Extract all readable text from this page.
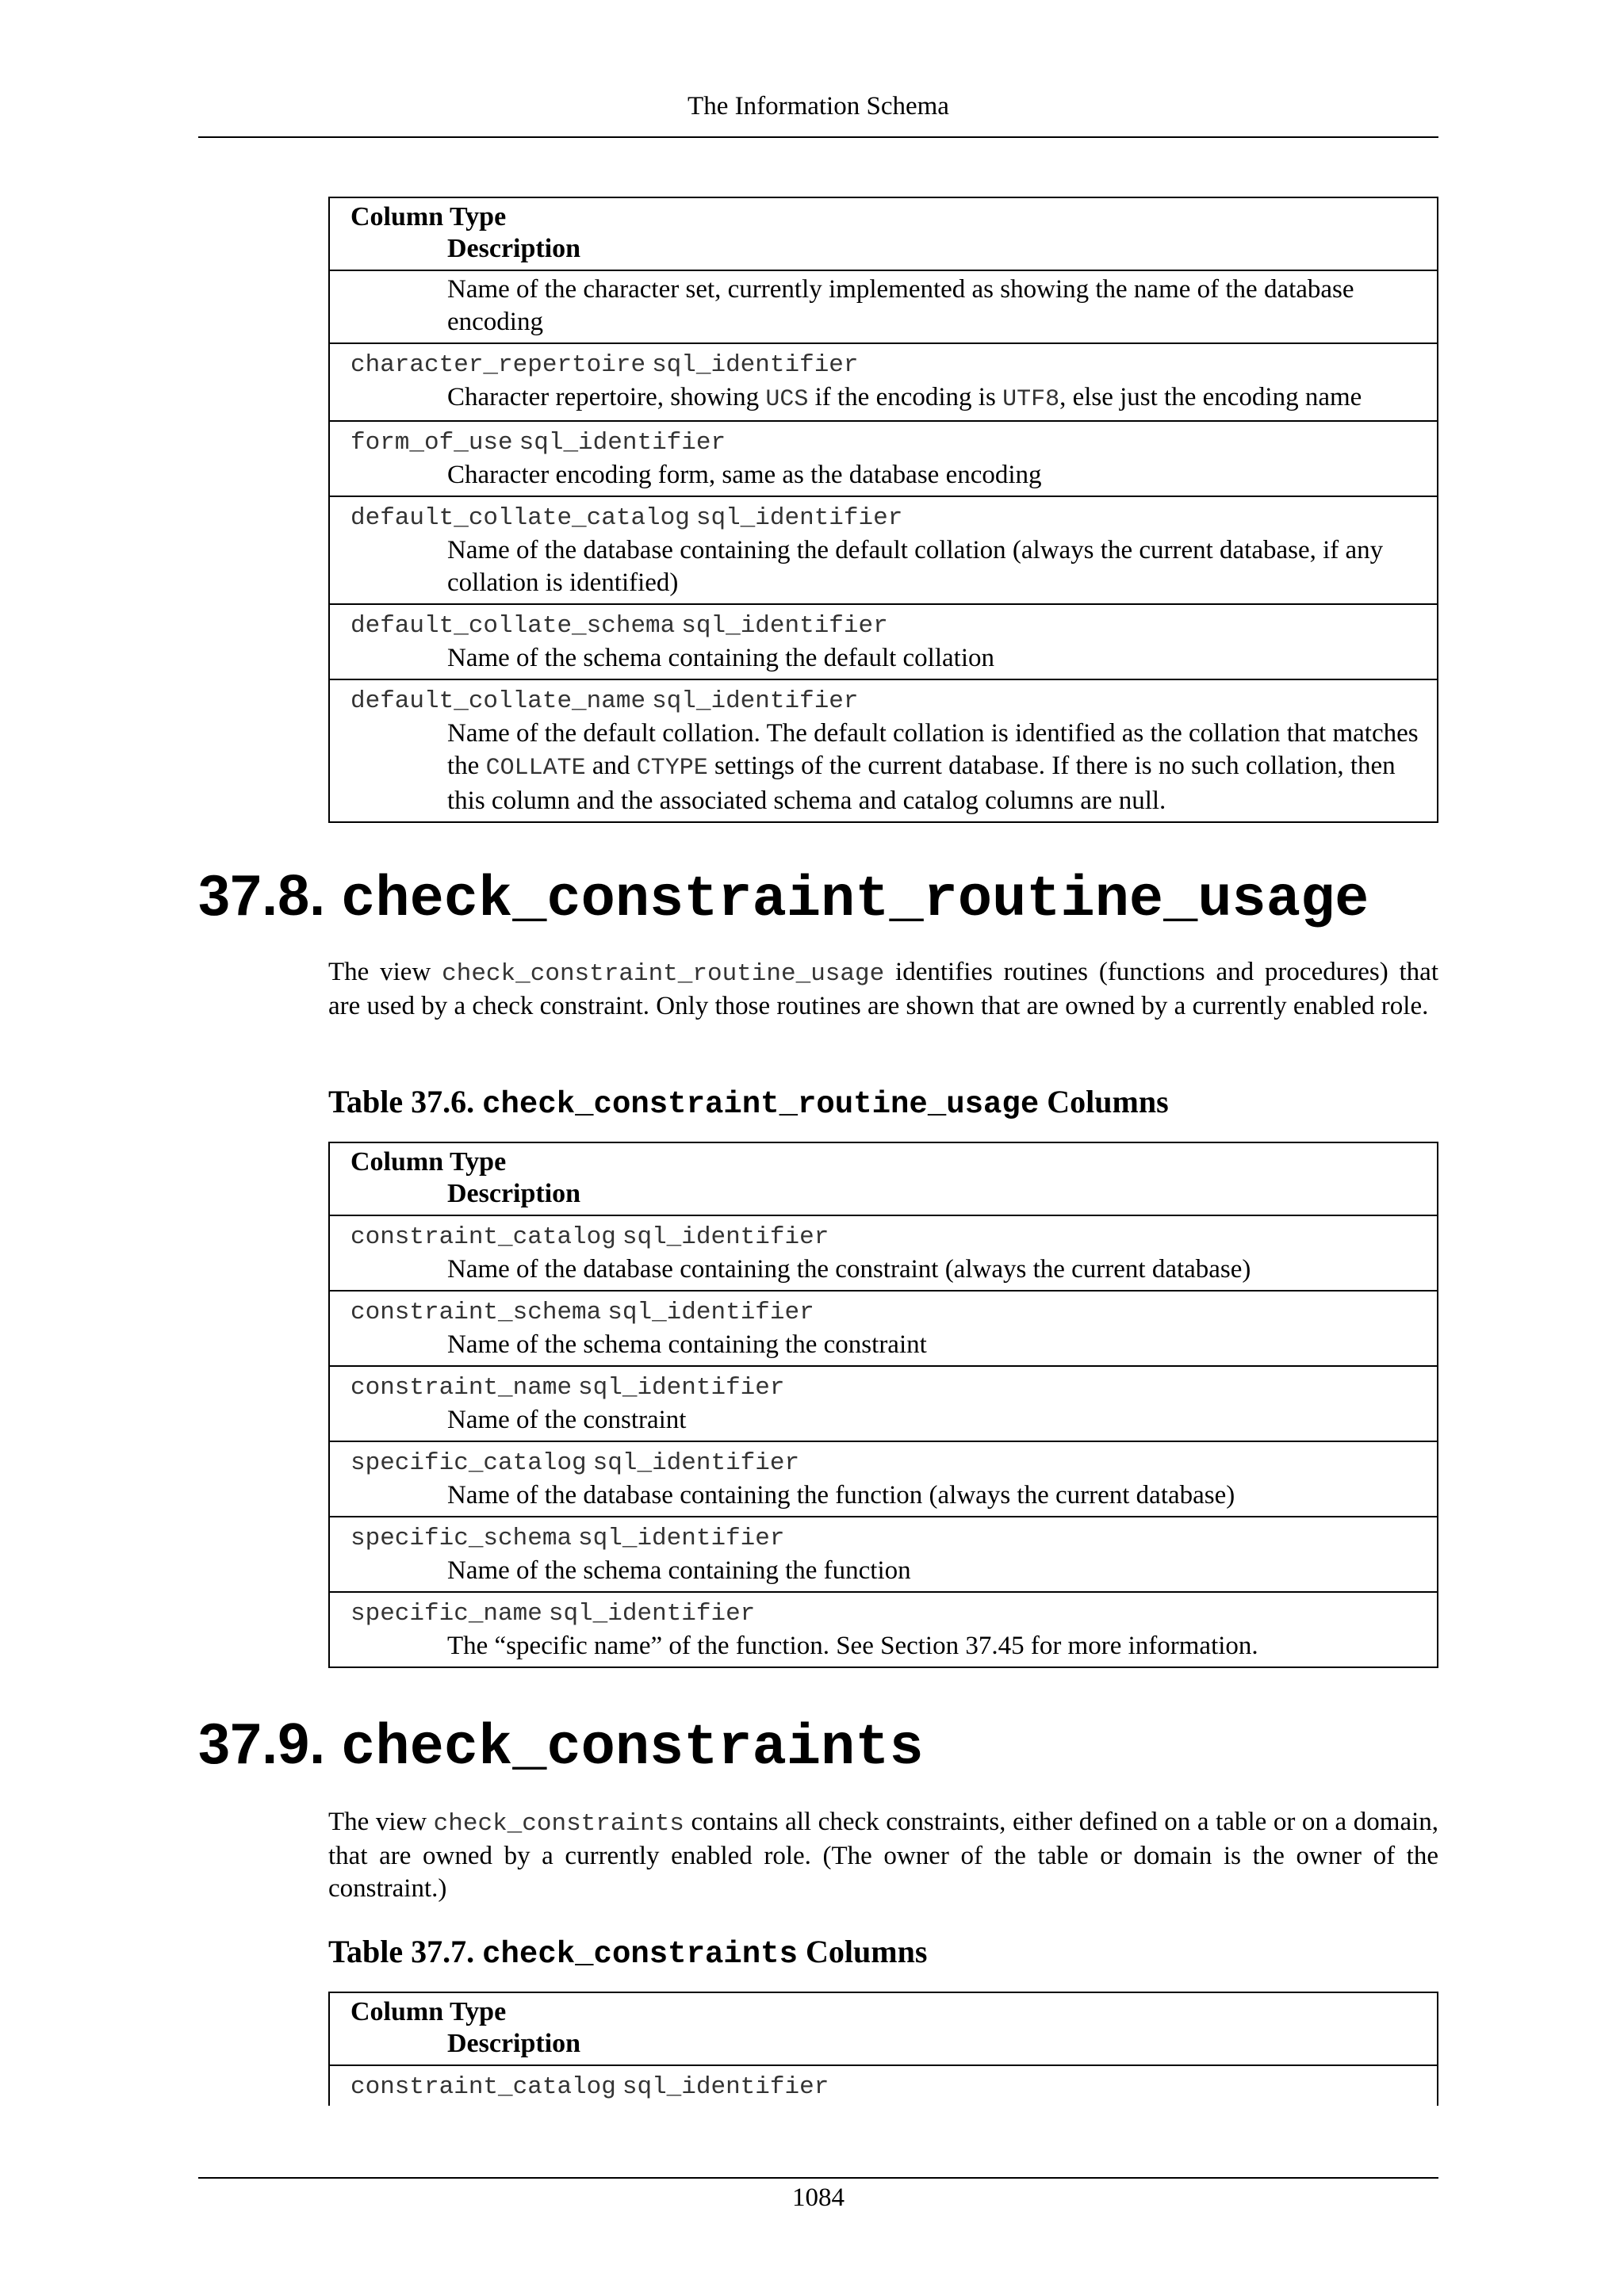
The Information Schema
Column Type
Description
Name of the character set, currently implemented as showing the name of the database encoding
character_repertoire sql_identifier
Character repertoire, showing UCS if the encoding is UTF8, else just the encoding name
form_of_use sql_identifier
Character encoding form, same as the database encoding
default_collate_catalog sql_identifier
Name of the database containing the default collation (always the current database, if any collation is identified)
default_collate_schema sql_identifier
Name of the schema containing the default collation
default_collate_name sql_identifier
Name of the default collation. The default collation is identified as the collation that matches the COLLATE and CTYPE settings of the current database. If there is no such collation, then this column and the associated schema and catalog columns are null.
37.8. check_constraint_routine_usage
The view check_constraint_routine_usage identifies routines (functions and procedures) that are used by a check constraint. Only those routines are shown that are owned by a currently enabled role.
Table 37.6. check_constraint_routine_usage Columns
Column Type
Description
constraint_catalog sql_identifier
Name of the database containing the constraint (always the current database)
constraint_schema sql_identifier
Name of the schema containing the constraint
constraint_name sql_identifier
Name of the constraint
specific_catalog sql_identifier
Name of the database containing the function (always the current database)
specific_schema sql_identifier
Name of the schema containing the function
specific_name sql_identifier
The “specific name” of the function. See Section 37.45 for more information.
37.9. check_constraints
The view check_constraints contains all check constraints, either defined on a table or on a domain, that are owned by a currently enabled role. (The owner of the table or domain is the owner of the constraint.)
Table 37.7. check_constraints Columns
Column Type
Description
constraint_catalog sql_identifier
1084
